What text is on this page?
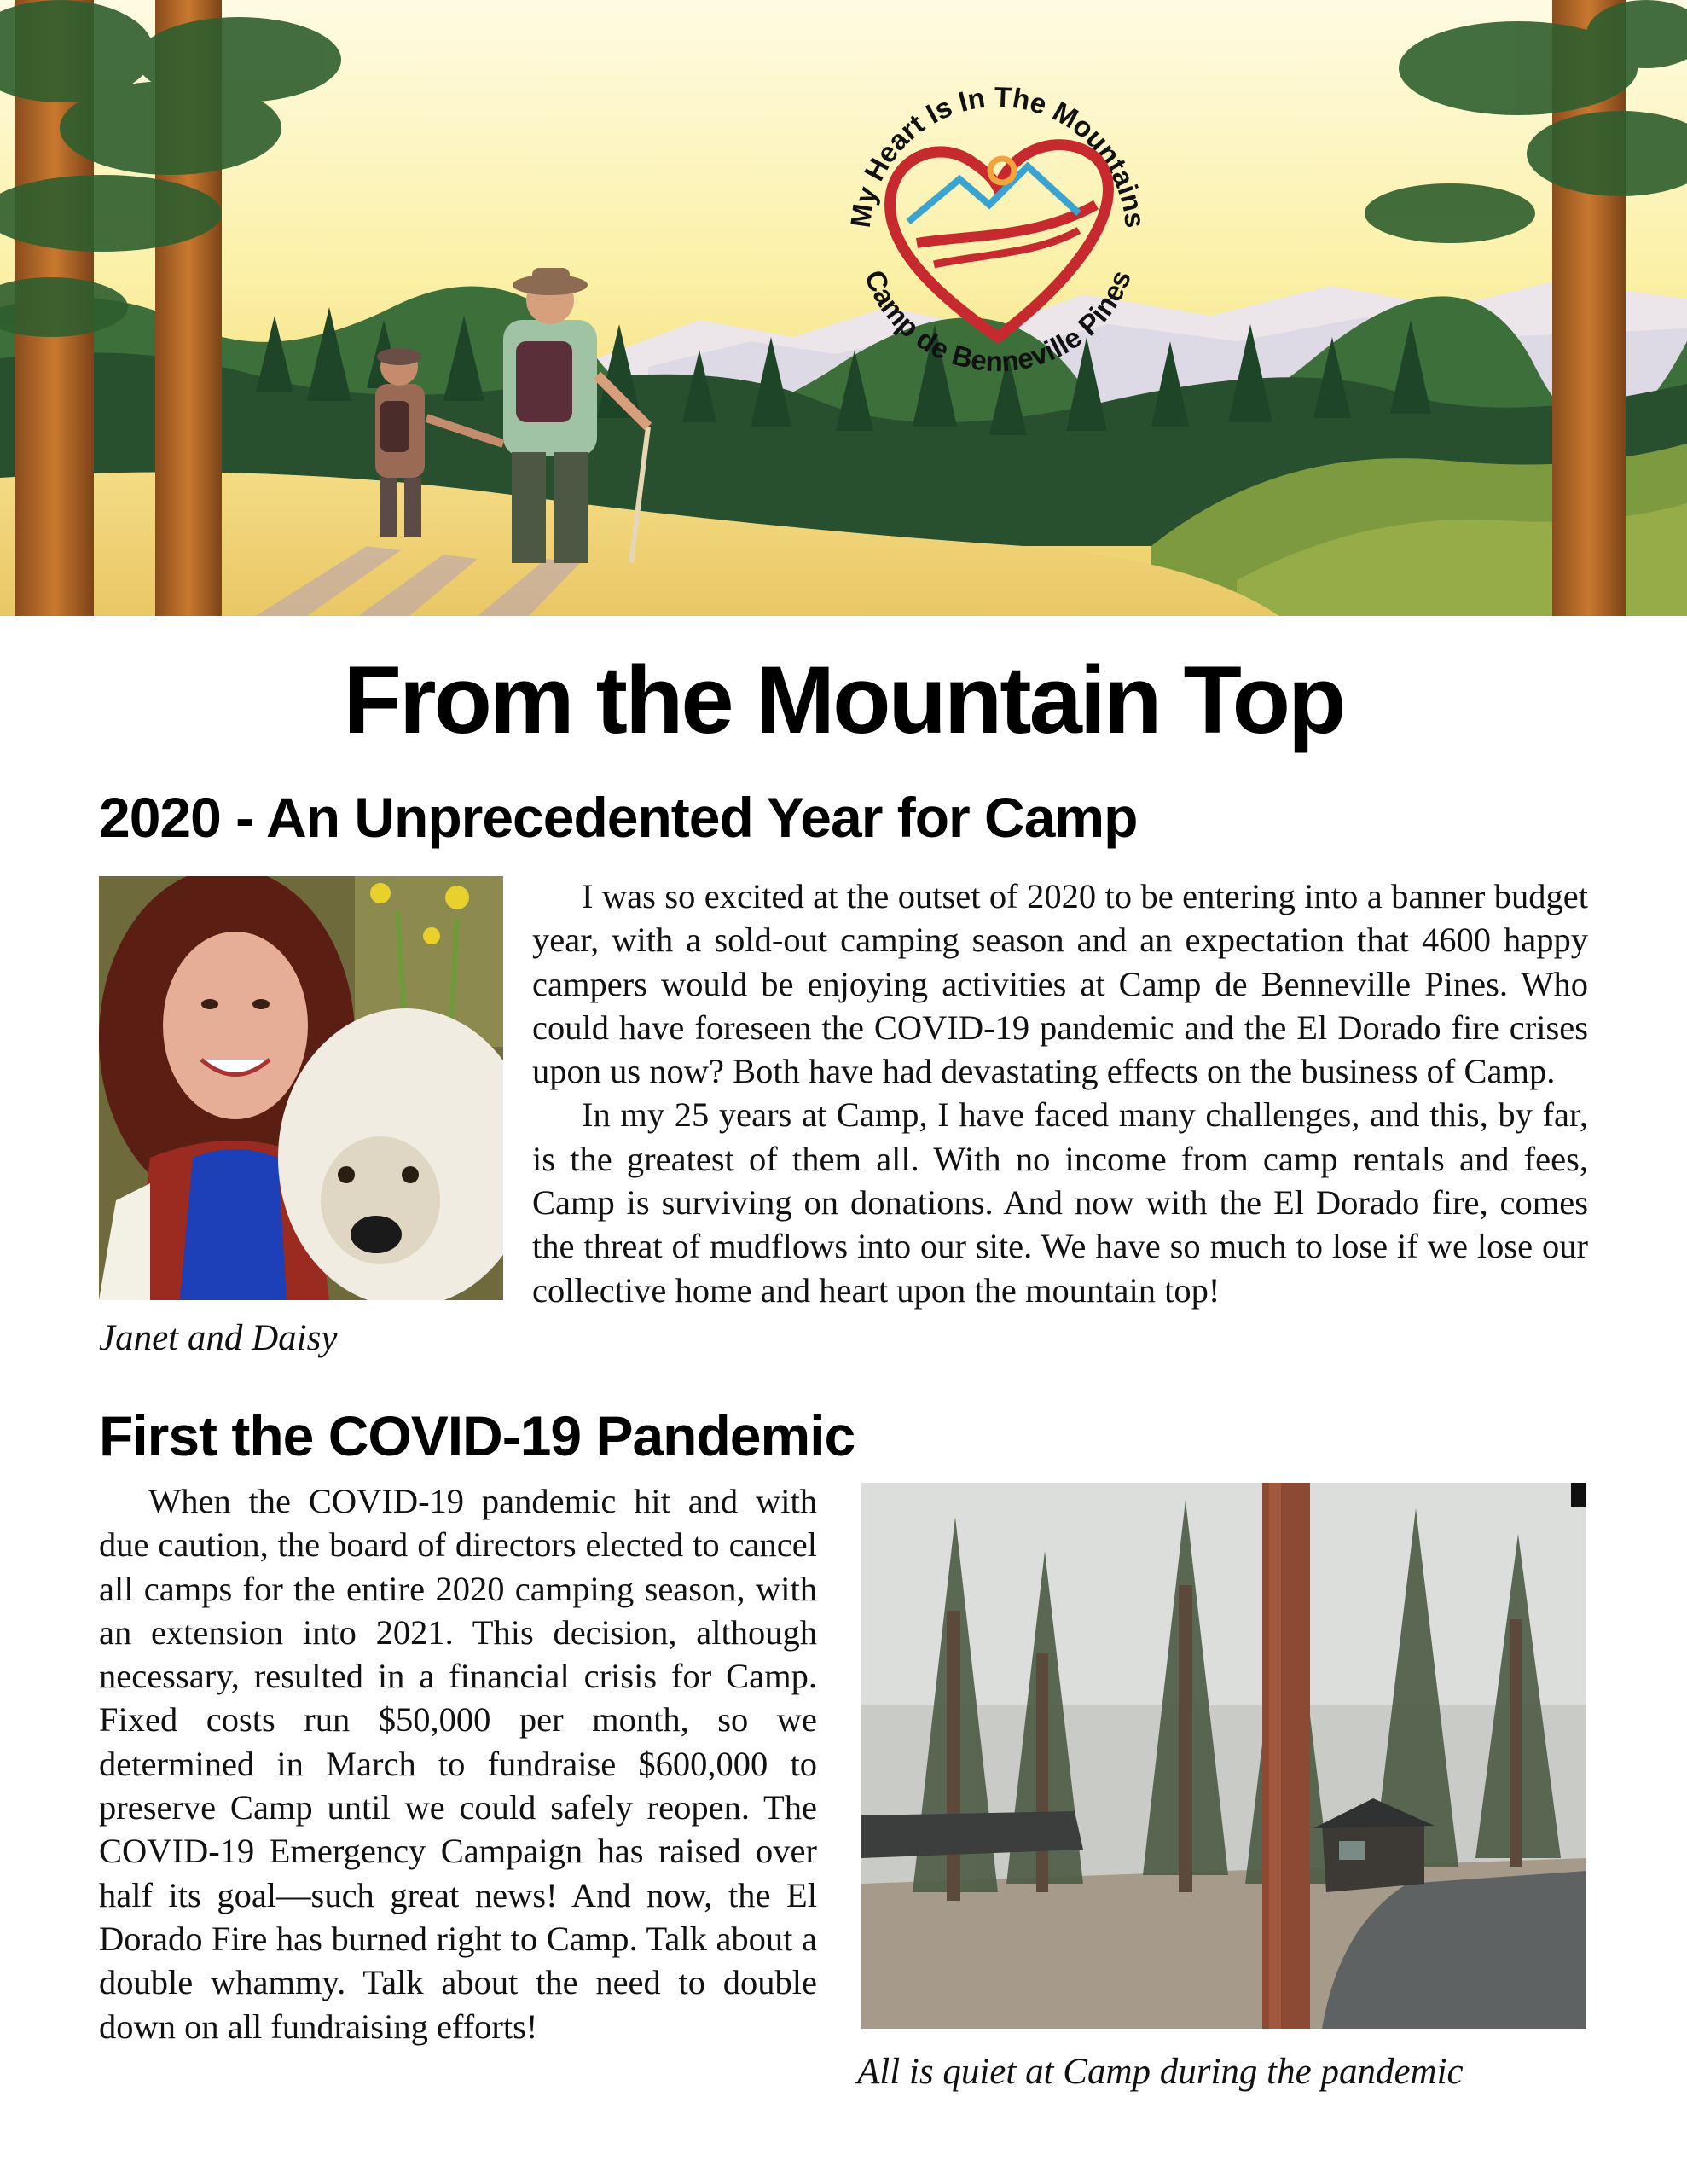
My Heart Is In The Mountains
Camp de Benneville Pines
From the Mountain Top
2020 - An Unprecedented Year for Camp

Janet and Daisy

I was so excited at the outset of 2020 to be entering into a banner budget year, with a sold-out camping season and an expectation that 4600 happy campers would be enjoying activities at Camp de Benneville Pines. Who could have foreseen the COVID-19 pandemic and the El Dorado fire crises upon us now? Both have had devastating effects on the business of Camp.

In my 25 years at Camp, I have faced many challenges, and this, by far, is the greatest of them all. With no income from camp rentals and fees, Camp is surviving on donations. And now with the El Dorado fire, comes the threat of mudflows into our site. We have so much to lose if we lose our collective home and heart upon the mountain top!

First the COVID-19 Pandemic

When the COVID-19 pandemic hit and with due caution, the board of directors elected to cancel all camps for the entire 2020 camping season, with an extension into 2021. This decision, although necessary, resulted in a financial crisis for Camp. Fixed costs run $50,000 per month, so we determined in March to fundraise $600,000 to preserve Camp until we could safely reopen. The COVID-19 Emergency Campaign has raised over half its goal—such great news! And now, the El Dorado Fire has burned right to Camp. Talk about a double whammy. Talk about the need to double down on all fundraising efforts!

All is quiet at Camp during the pandemic
